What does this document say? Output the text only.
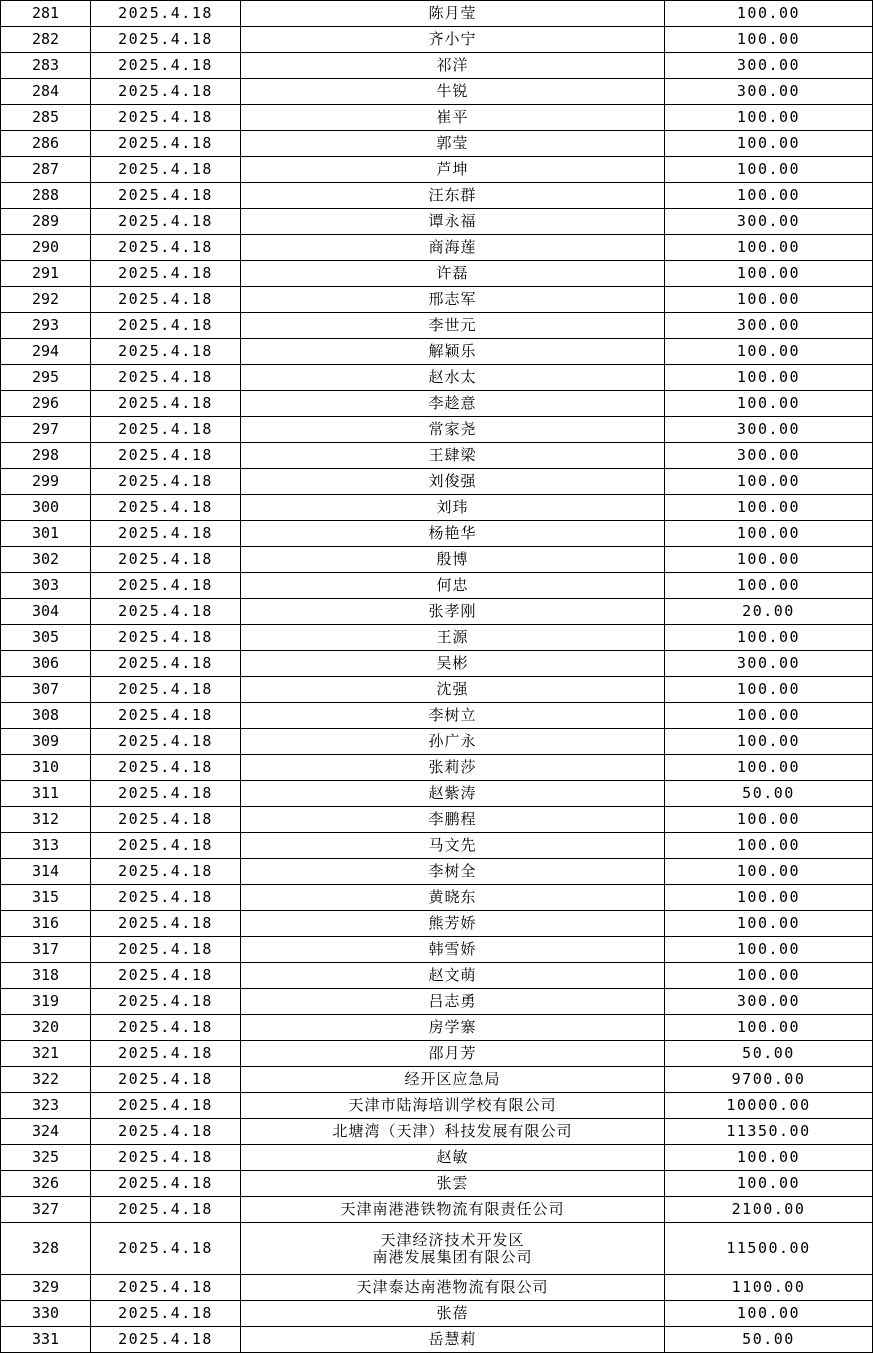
281	2025.4.18	陈月莹	100.00
282	2025.4.18	齐小宁	100.00
283	2025.4.18	祁洋	300.00
284	2025.4.18	牛锐	300.00
285	2025.4.18	崔平	100.00
286	2025.4.18	郭莹	100.00
287	2025.4.18	芦坤	100.00
288	2025.4.18	汪东群	100.00
289	2025.4.18	谭永福	300.00
290	2025.4.18	商海莲	100.00
291	2025.4.18	许磊	100.00
292	2025.4.18	邢志军	100.00
293	2025.4.18	李世元	300.00
294	2025.4.18	解颖乐	100.00
295	2025.4.18	赵水太	100.00
296	2025.4.18	李趁意	100.00
297	2025.4.18	常家尧	300.00
298	2025.4.18	王肆梁	300.00
299	2025.4.18	刘俊强	100.00
300	2025.4.18	刘玮	100.00
301	2025.4.18	杨艳华	100.00
302	2025.4.18	殷博	100.00
303	2025.4.18	何忠	100.00
304	2025.4.18	张孝刚	20.00
305	2025.4.18	王源	100.00
306	2025.4.18	吴彬	300.00
307	2025.4.18	沈强	100.00
308	2025.4.18	李树立	100.00
309	2025.4.18	孙广永	100.00
310	2025.4.18	张莉莎	100.00
311	2025.4.18	赵紫涛	50.00
312	2025.4.18	李鹏程	100.00
313	2025.4.18	马文先	100.00
314	2025.4.18	李树全	100.00
315	2025.4.18	黄晓东	100.00
316	2025.4.18	熊芳娇	100.00
317	2025.4.18	韩雪娇	100.00
318	2025.4.18	赵文萌	100.00
319	2025.4.18	吕志勇	300.00
320	2025.4.18	房学寨	100.00
321	2025.4.18	邵月芳	50.00
322	2025.4.18	经开区应急局	9700.00
323	2025.4.18	天津市陆海培训学校有限公司	10000.00
324	2025.4.18	北塘湾（天津）科技发展有限公司	11350.00
325	2025.4.18	赵敏	100.00
326	2025.4.18	张雲	100.00
327	2025.4.18	天津南港港铁物流有限责任公司	2100.00
328	2025.4.18	天津经济技术开发区
南港发展集团有限公司	11500.00
329	2025.4.18	天津泰达南港物流有限公司	1100.00
330	2025.4.18	张蓓	100.00
331	2025.4.18	岳慧莉	50.00
